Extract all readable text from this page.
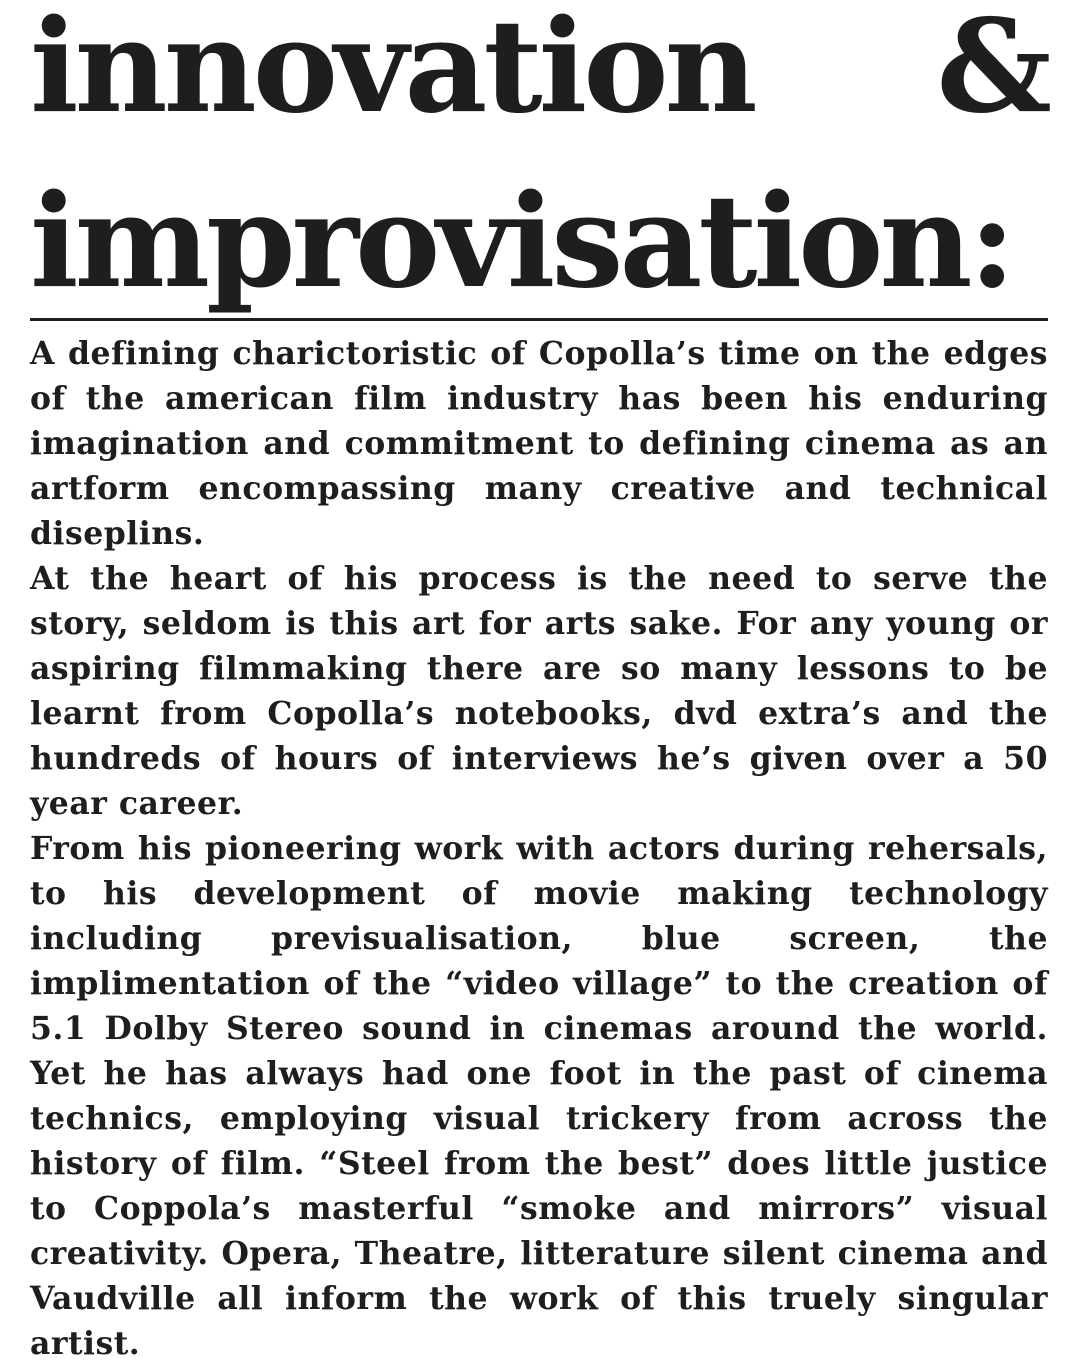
innovation &
improvisation:

A defining charictoristic of Copolla’s time on the edges of the american film industry has been his enduring imagination and commitment to defining cinema as an artform encompassing many creative and technical diseplins.

At the heart of his process is the need to serve the story, seldom is this art for arts sake. For any young or aspiring filmmaking there are so many lessons to be learnt from Copolla’s notebooks, dvd extra’s and the hundreds of hours of interviews he’s given over a 50 year career.

From his pioneering work with actors during rehersals, to his development of movie making technology including previsualisation, blue screen, the implimentation of the “video village” to the creation of 5.1 Dolby Stereo sound in cinemas around the world. Yet he has always had one foot in the past of cinema technics, employing visual trickery from across the history of film. “Steel from the best” does little justice to Coppola’s masterful “smoke and mirrors” visual creativity. Opera, Theatre, litterature silent cinema and Vaudville all inform the work of this truely singular artist.
